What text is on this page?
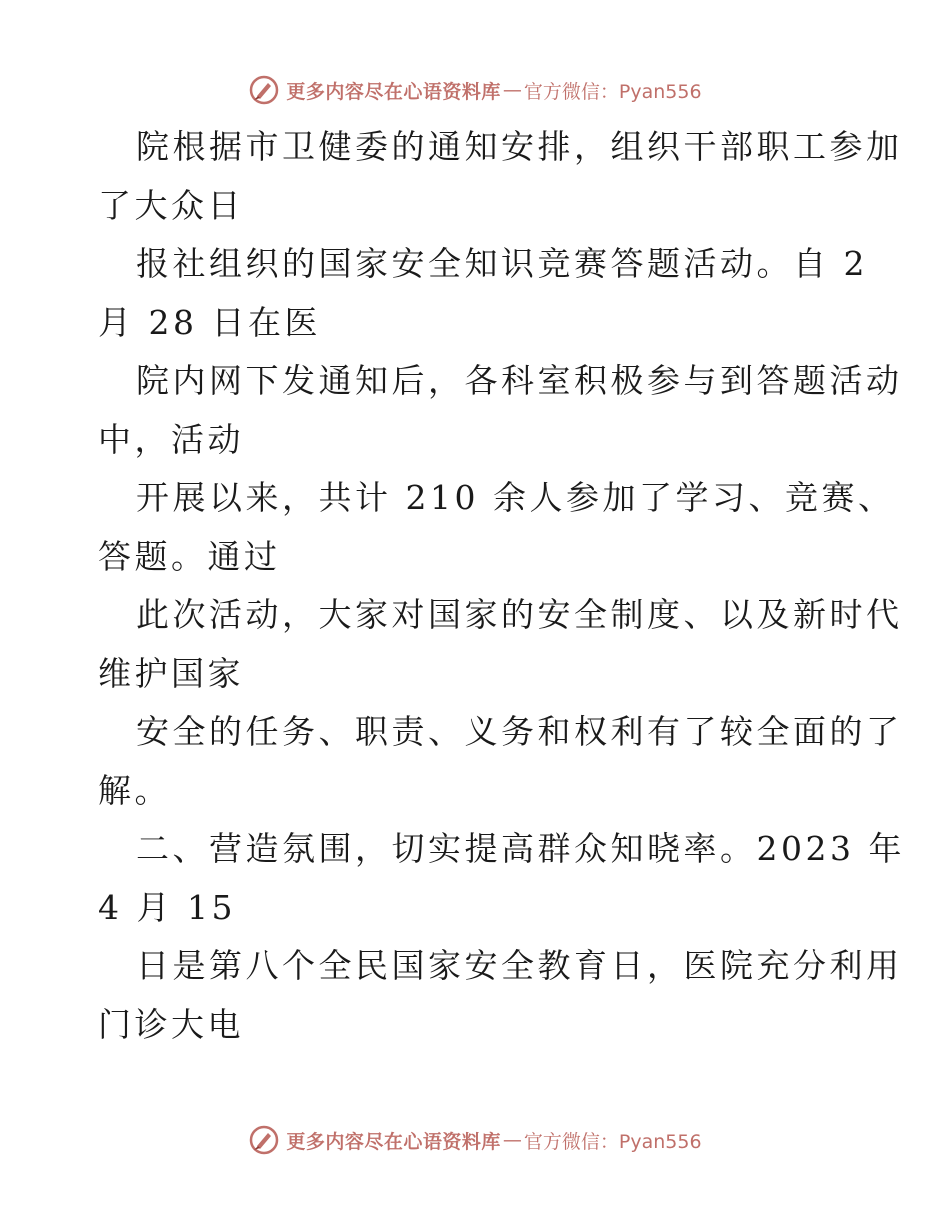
更多内容尽在心语资料库 — 官方微信：Pyan556
院根据市卫健委的通知安排，组织干部职工参加
了大众日
报社组织的国家安全知识竞赛答题活动。自 2
月 28 日在医
院内网下发通知后，各科室积极参与到答题活动
中，活动
开展以来，共计 210 余人参加了学习、竞赛、
答题。通过
此次活动，大家对国家的安全制度、以及新时代
维护国家
安全的任务、职责、义务和权利有了较全面的了
解。
二、营造氛围，切实提高群众知晓率。2023 年
4 月 15
日是第八个全民国家安全教育日，医院充分利用
门诊大电
更多内容尽在心语资料库 — 官方微信：Pyan556
